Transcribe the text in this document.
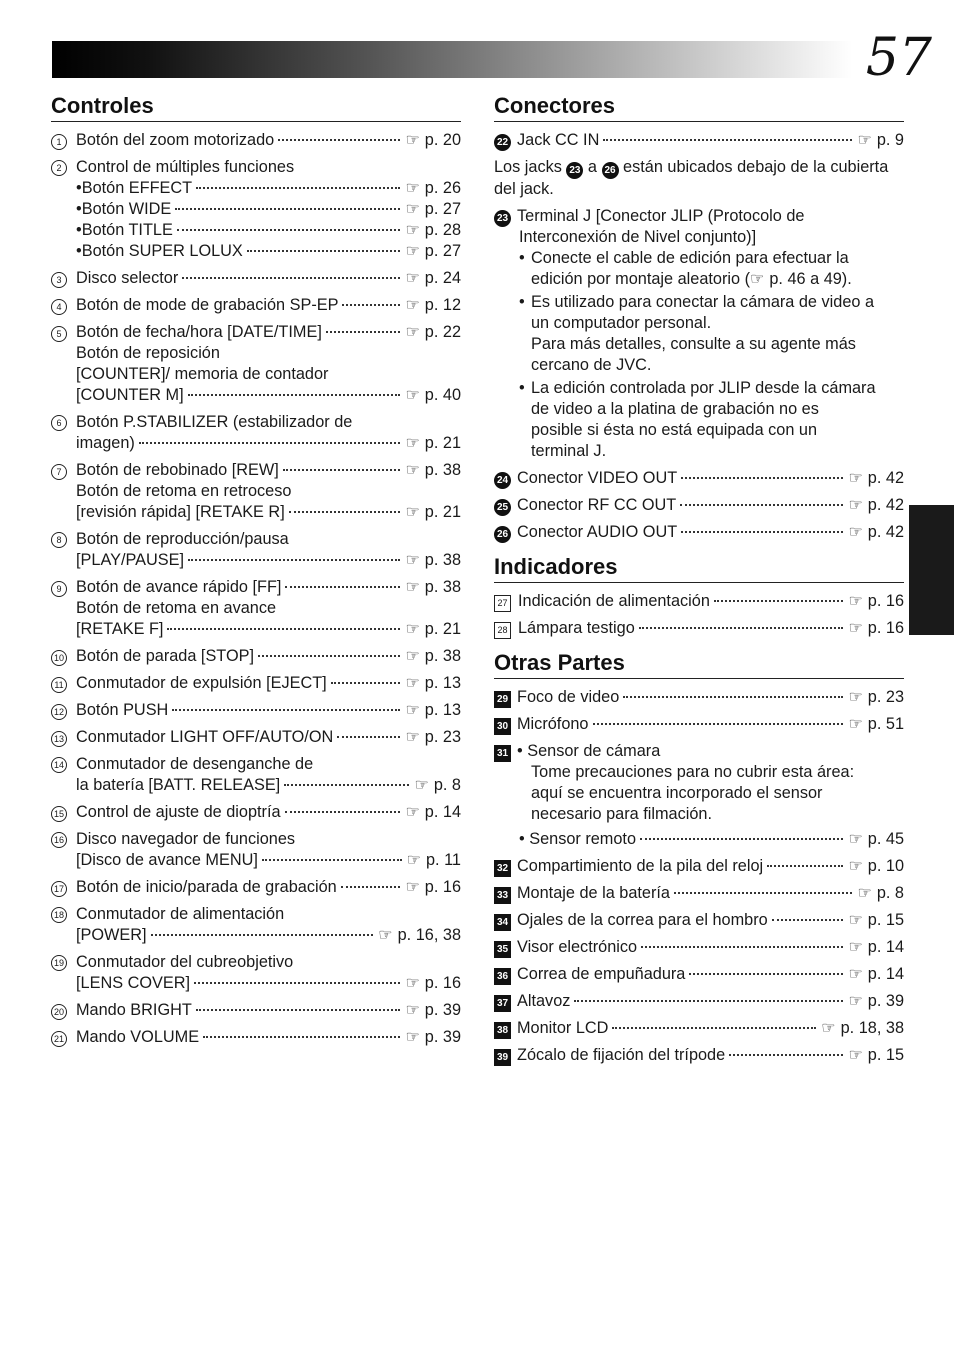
57
Controles
1 Botón del zoom motorizado	☞ p. 20
2 Control de múltiples funciones
• Botón EFFECT	☞ p. 26
• Botón WIDE	☞ p. 27
• Botón TITLE	☞ p. 28
• Botón SUPER LOLUX	☞ p. 27
3 Disco selector	☞ p. 24
4 Botón de mode de grabación SP-EP	☞ p. 12
5 Botón de fecha/hora [DATE/TIME]	☞ p. 22
Botón de reposición
[COUNTER]/ memoria de contador
[COUNTER M]	☞ p. 40
6 Botón P.STABILIZER (estabilizador de
imagen)	☞ p. 21
7 Botón de rebobinado [REW]	☞ p. 38
Botón de retoma en retroceso
[revisión rápida] [RETAKE R]	☞ p. 21
8 Botón de reproducción/pausa
[PLAY/PAUSE]	☞ p. 38
9 Botón de avance rápido [FF]	☞ p. 38
Botón de retoma en avance
[RETAKE F]	☞ p. 21
10 Botón de parada [STOP]	☞ p. 38
11 Conmutador de expulsión [EJECT]	☞ p. 13
12 Botón PUSH	☞ p. 13
13 Conmutador LIGHT OFF/AUTO/ON	☞ p. 23
14 Conmutador de desenganche de
la batería [BATT. RELEASE]	☞ p. 8
15 Control de ajuste de dioptría	☞ p. 14
16 Disco navegador de funciones
[Disco de avance MENU]	☞ p. 11
17 Botón de inicio/parada de grabación	☞ p. 16
18 Conmutador de alimentación
[POWER]	☞ p. 16, 38
19 Conmutador del cubreobjetivo
[LENS COVER]	☞ p. 16
20 Mando BRIGHT	☞ p. 39
21 Mando VOLUME	☞ p. 39
Conectores
22 Jack CC IN	☞ p. 9
Los jacks 23 a 26 están ubicados debajo de la cubierta del jack.
23 Terminal J [Conector JLIP (Protocolo de
Interconexión de Nivel conjunto)]
• Conecte el cable de edición para efectuar la
edición por montaje aleatorio (☞ p. 46 a 49).
• Es utilizado para conectar la cámara de video a
un computador personal.
Para más detalles, consulte a su agente más
cercano de JVC.
• La edición controlada por JLIP desde la cámara
de video a la platina de grabación no es
posible si ésta no está equipada con un
terminal J.
24 Conector VIDEO OUT	☞ p. 42
25 Conector RF CC OUT	☞ p. 42
26 Conector AUDIO OUT	☞ p. 42
Indicadores
27 Indicación de alimentación	☞ p. 16
28 Lámpara testigo	☞ p. 16
Otras Partes
29 Foco de video	☞ p. 23
30 Micrófono	☞ p. 51
31 • Sensor de cámara
Tome precauciones para no cubrir esta área:
aquí se encuentra incorporado el sensor
necesario para filmación.
• Sensor remoto	☞ p. 45
32 Compartimiento de la pila del reloj	☞ p. 10
33 Montaje de la batería	☞ p. 8
34 Ojales de la correa para el hombro	☞ p. 15
35 Visor electrónico	☞ p. 14
36 Correa de empuñadura	☞ p. 14
37 Altavoz	☞ p. 39
38 Monitor LCD	☞ p. 18, 38
39 Zócalo de fijación del trípode	☞ p. 15
